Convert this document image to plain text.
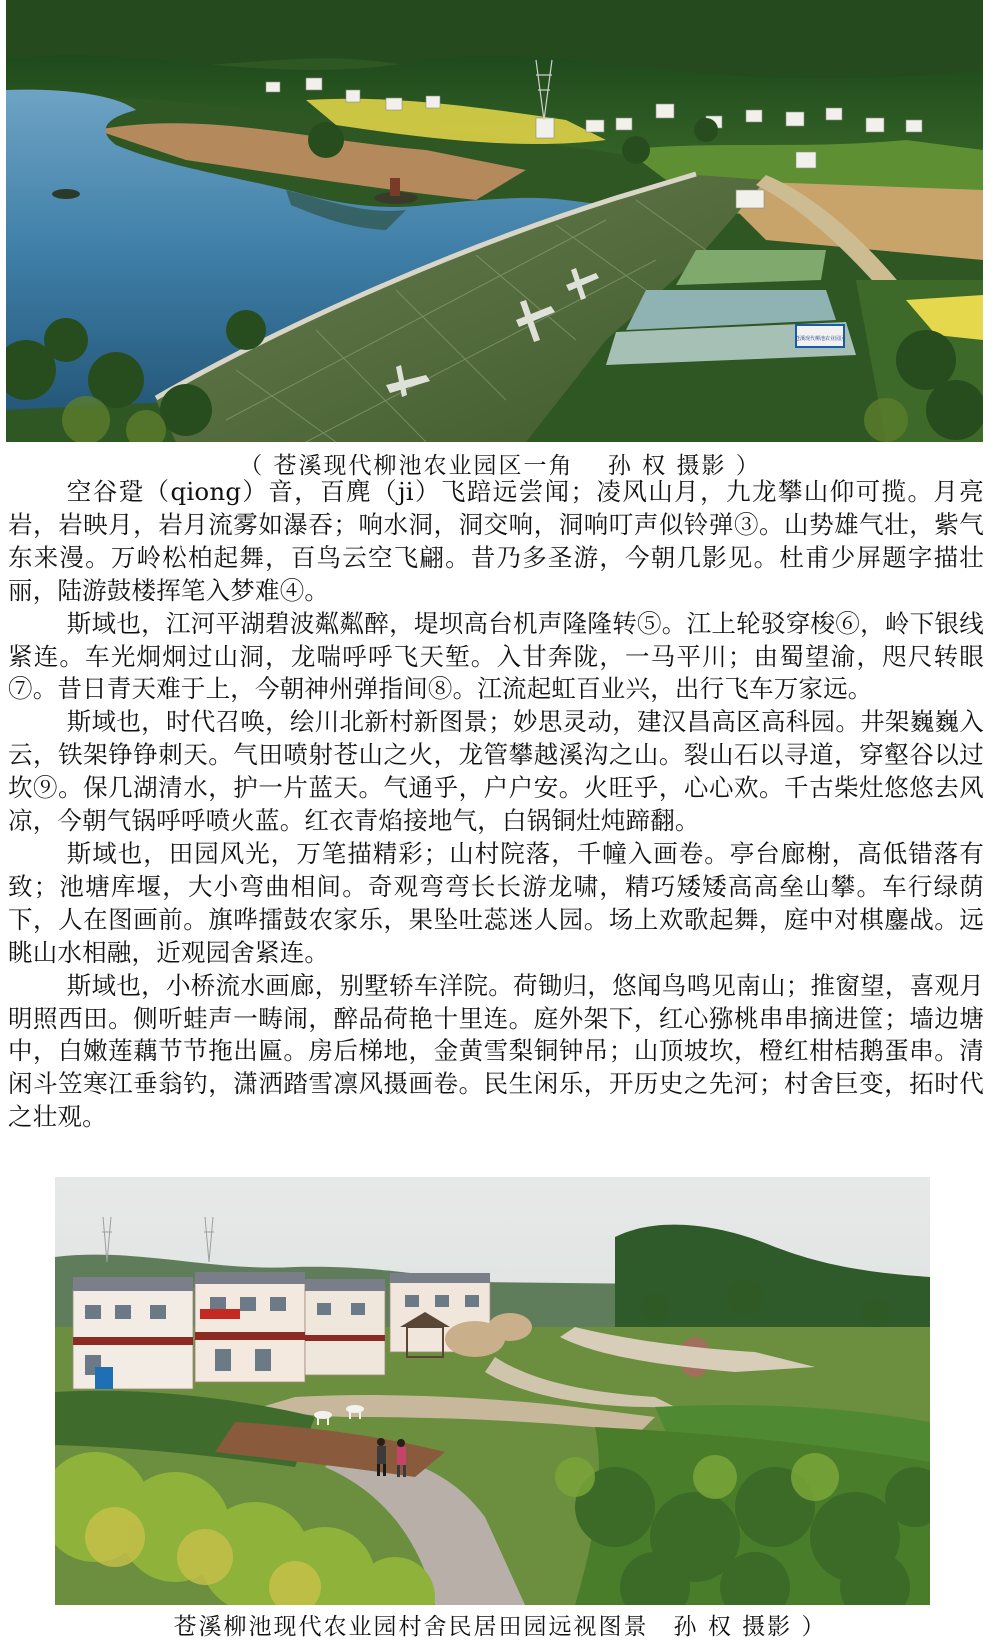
苍溪现代柳池农业园区
（ 苍溪现代柳池农业园区一角　 孙 权 摄影 ）

空谷跫（qiong）音，百麂（ji）飞踣远尝闻；凌风山月，九龙攀山仰可揽。月亮岩，岩映月，岩月流雾如瀑吞；响水洞，洞交响，洞响叮声似铃弹③。山势雄气壮，紫气东来漫。万岭松柏起舞，百鸟云空飞翩。昔乃多圣游，今朝几影见。杜甫少屏题字描壮丽，陆游鼓楼挥笔入梦难④。

斯域也，江河平湖碧波粼粼醉，堤坝高台机声隆隆转⑤。江上轮驳穿梭⑥，岭下银线紧连。车光炯炯过山洞，龙喘呼呼飞天堑。入甘奔陇，一马平川；由蜀望渝，咫尺转眼⑦。昔日青天难于上，今朝神州弹指间⑧。江流起虹百业兴，出行飞车万家远。

斯域也，时代召唤，绘川北新村新图景；妙思灵动，建汉昌高区高科园。井架巍巍入云，铁架铮铮刺天。气田喷射苍山之火，龙管攀越溪沟之山。裂山石以寻道，穿壑谷以过坎⑨。保几湖清水，护一片蓝天。气通乎，户户安。火旺乎，心心欢。千古柴灶悠悠去风凉，今朝气锅呼呼喷火蓝。红衣青焰接地气，白锅铜灶炖蹄翻。

斯域也，田园风光，万笔描精彩；山村院落，千幢入画卷。亭台廊榭，高低错落有致；池塘库堰，大小弯曲相间。奇观弯弯长长游龙啸，精巧矮矮高高垒山攀。车行绿荫下，人在图画前。旗哗擂鼓农家乐，果坠吐蕊迷人园。场上欢歌起舞，庭中对棋鏖战。远眺山水相融，近观园舍紧连。

斯域也，小桥流水画廊，别墅轿车洋院。荷锄归，悠闻鸟鸣见南山；推窗望，喜观月明照西田。侧听蛙声一畴闹，醉品荷艳十里连。庭外架下，红心猕桃串串摘进筐；墙边塘中，白嫩莲藕节节拖出匾。房后梯地，金黄雪梨铜钟吊；山顶坡坎，橙红柑桔鹅蛋串。清闲斗笠寒江垂翁钓，潇洒踏雪凛风摄画卷。民生闲乐，开历史之先河；村舍巨变，拓时代之壮观。

苍溪柳池现代农业园村舍民居田园远视图景　孙 权 摄影 ）
